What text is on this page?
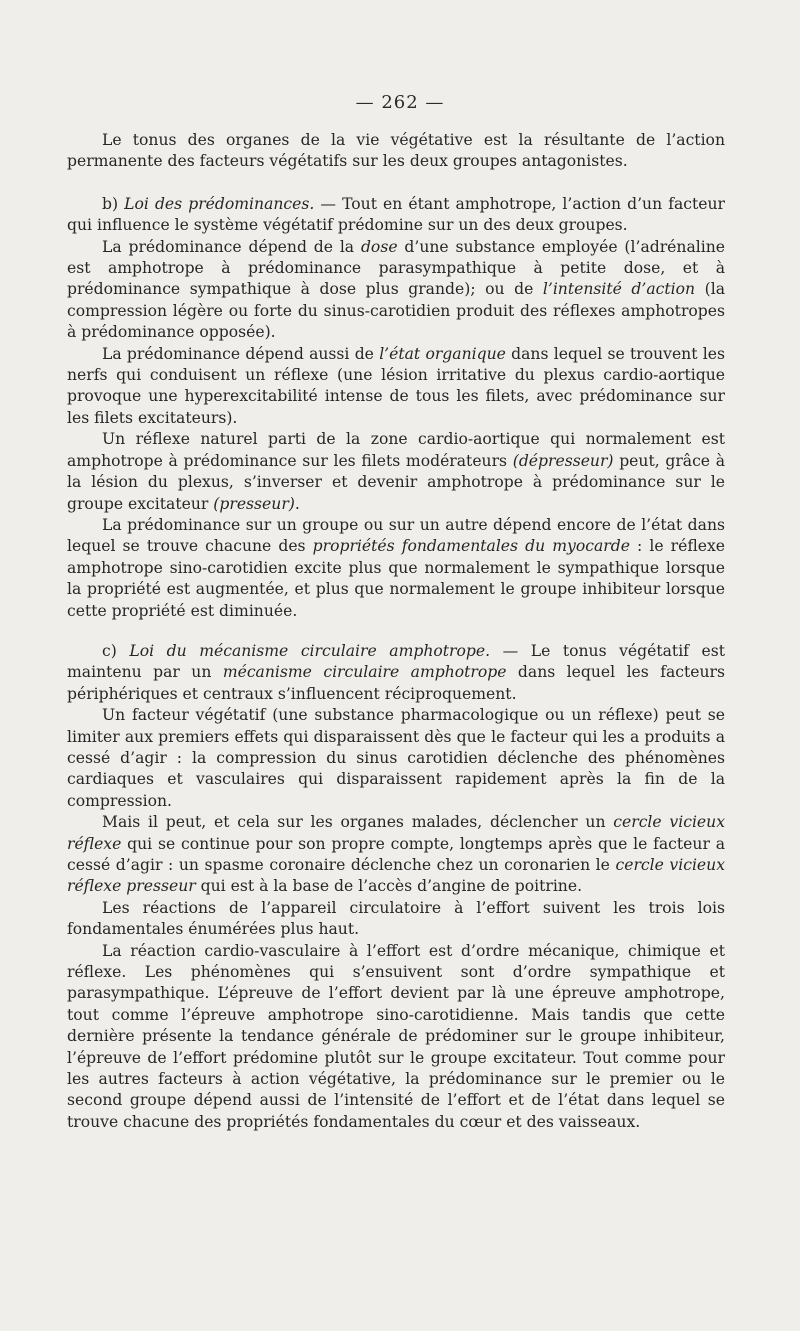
— 262 —

Le tonus des organes de la vie végétative est la résultante de l’action permanente des facteurs végétatifs sur les deux groupes antagonistes.

b) Loi des prédominances. — Tout en étant amphotrope, l’action d’un facteur qui influence le système végétatif prédomine sur un des deux groupes.

La prédominance dépend de la dose d’une substance employée (l’adrénaline est amphotrope à prédominance parasympathique à petite dose, et à prédominance sympathique à dose plus grande); ou de l’intensité d’action (la compression légère ou forte du sinus-carotidien produit des réflexes amphotropes à prédominance opposée).

La prédominance dépend aussi de l’état organique dans lequel se trouvent les nerfs qui conduisent un réflexe (une lésion irritative du plexus cardio-aortique provoque une hyperexcitabilité intense de tous les filets, avec prédominance sur les filets excitateurs).

Un réflexe naturel parti de la zone cardio-aortique qui normalement est amphotrope à prédominance sur les filets modérateurs (dépresseur) peut, grâce à la lésion du plexus, s’inverser et devenir amphotrope à prédominance sur le groupe excitateur (presseur).

La prédominance sur un groupe ou sur un autre dépend encore de l’état dans lequel se trouve chacune des propriétés fondamentales du myocarde : le réflexe amphotrope sino-carotidien excite plus que normalement le sympathique lorsque la propriété est augmentée, et plus que normalement le groupe inhibiteur lorsque cette propriété est diminuée.

c) Loi du mécanisme circulaire amphotrope. — Le tonus végétatif est maintenu par un mécanisme circulaire amphotrope dans lequel les facteurs périphériques et centraux s’influencent réciproquement.

Un facteur végétatif (une substance pharmacologique ou un réflexe) peut se limiter aux premiers effets qui disparaissent dès que le facteur qui les a produits a cessé d’agir : la compression du sinus carotidien déclenche des phénomènes cardiaques et vasculaires qui disparaissent rapidement après la fin de la compression.

Mais il peut, et cela sur les organes malades, déclencher un cercle vicieux réflexe qui se continue pour son propre compte, longtemps après que le facteur a cessé d’agir : un spasme coronaire déclenche chez un coronarien le cercle vicieux réflexe presseur qui est à la base de l’accès d’angine de poitrine.

Les réactions de l’appareil circulatoire à l’effort suivent les trois lois fondamentales énumérées plus haut.

La réaction cardio-vasculaire à l’effort est d’ordre mécanique, chimique et réflexe. Les phénomènes qui s’ensuivent sont d’ordre sympathique et parasympathique. L’épreuve de l’effort devient par là une épreuve amphotrope, tout comme l’épreuve amphotrope sino-carotidienne. Mais tandis que cette dernière présente la tendance générale de prédominer sur le groupe inhibiteur, l’épreuve de l’effort prédomine plutôt sur le groupe excitateur. Tout comme pour les autres facteurs à action végétative, la prédominance sur le premier ou le second groupe dépend aussi de l’intensité de l’effort et de l’état dans lequel se trouve chacune des propriétés fondamentales du cœur et des vaisseaux.
